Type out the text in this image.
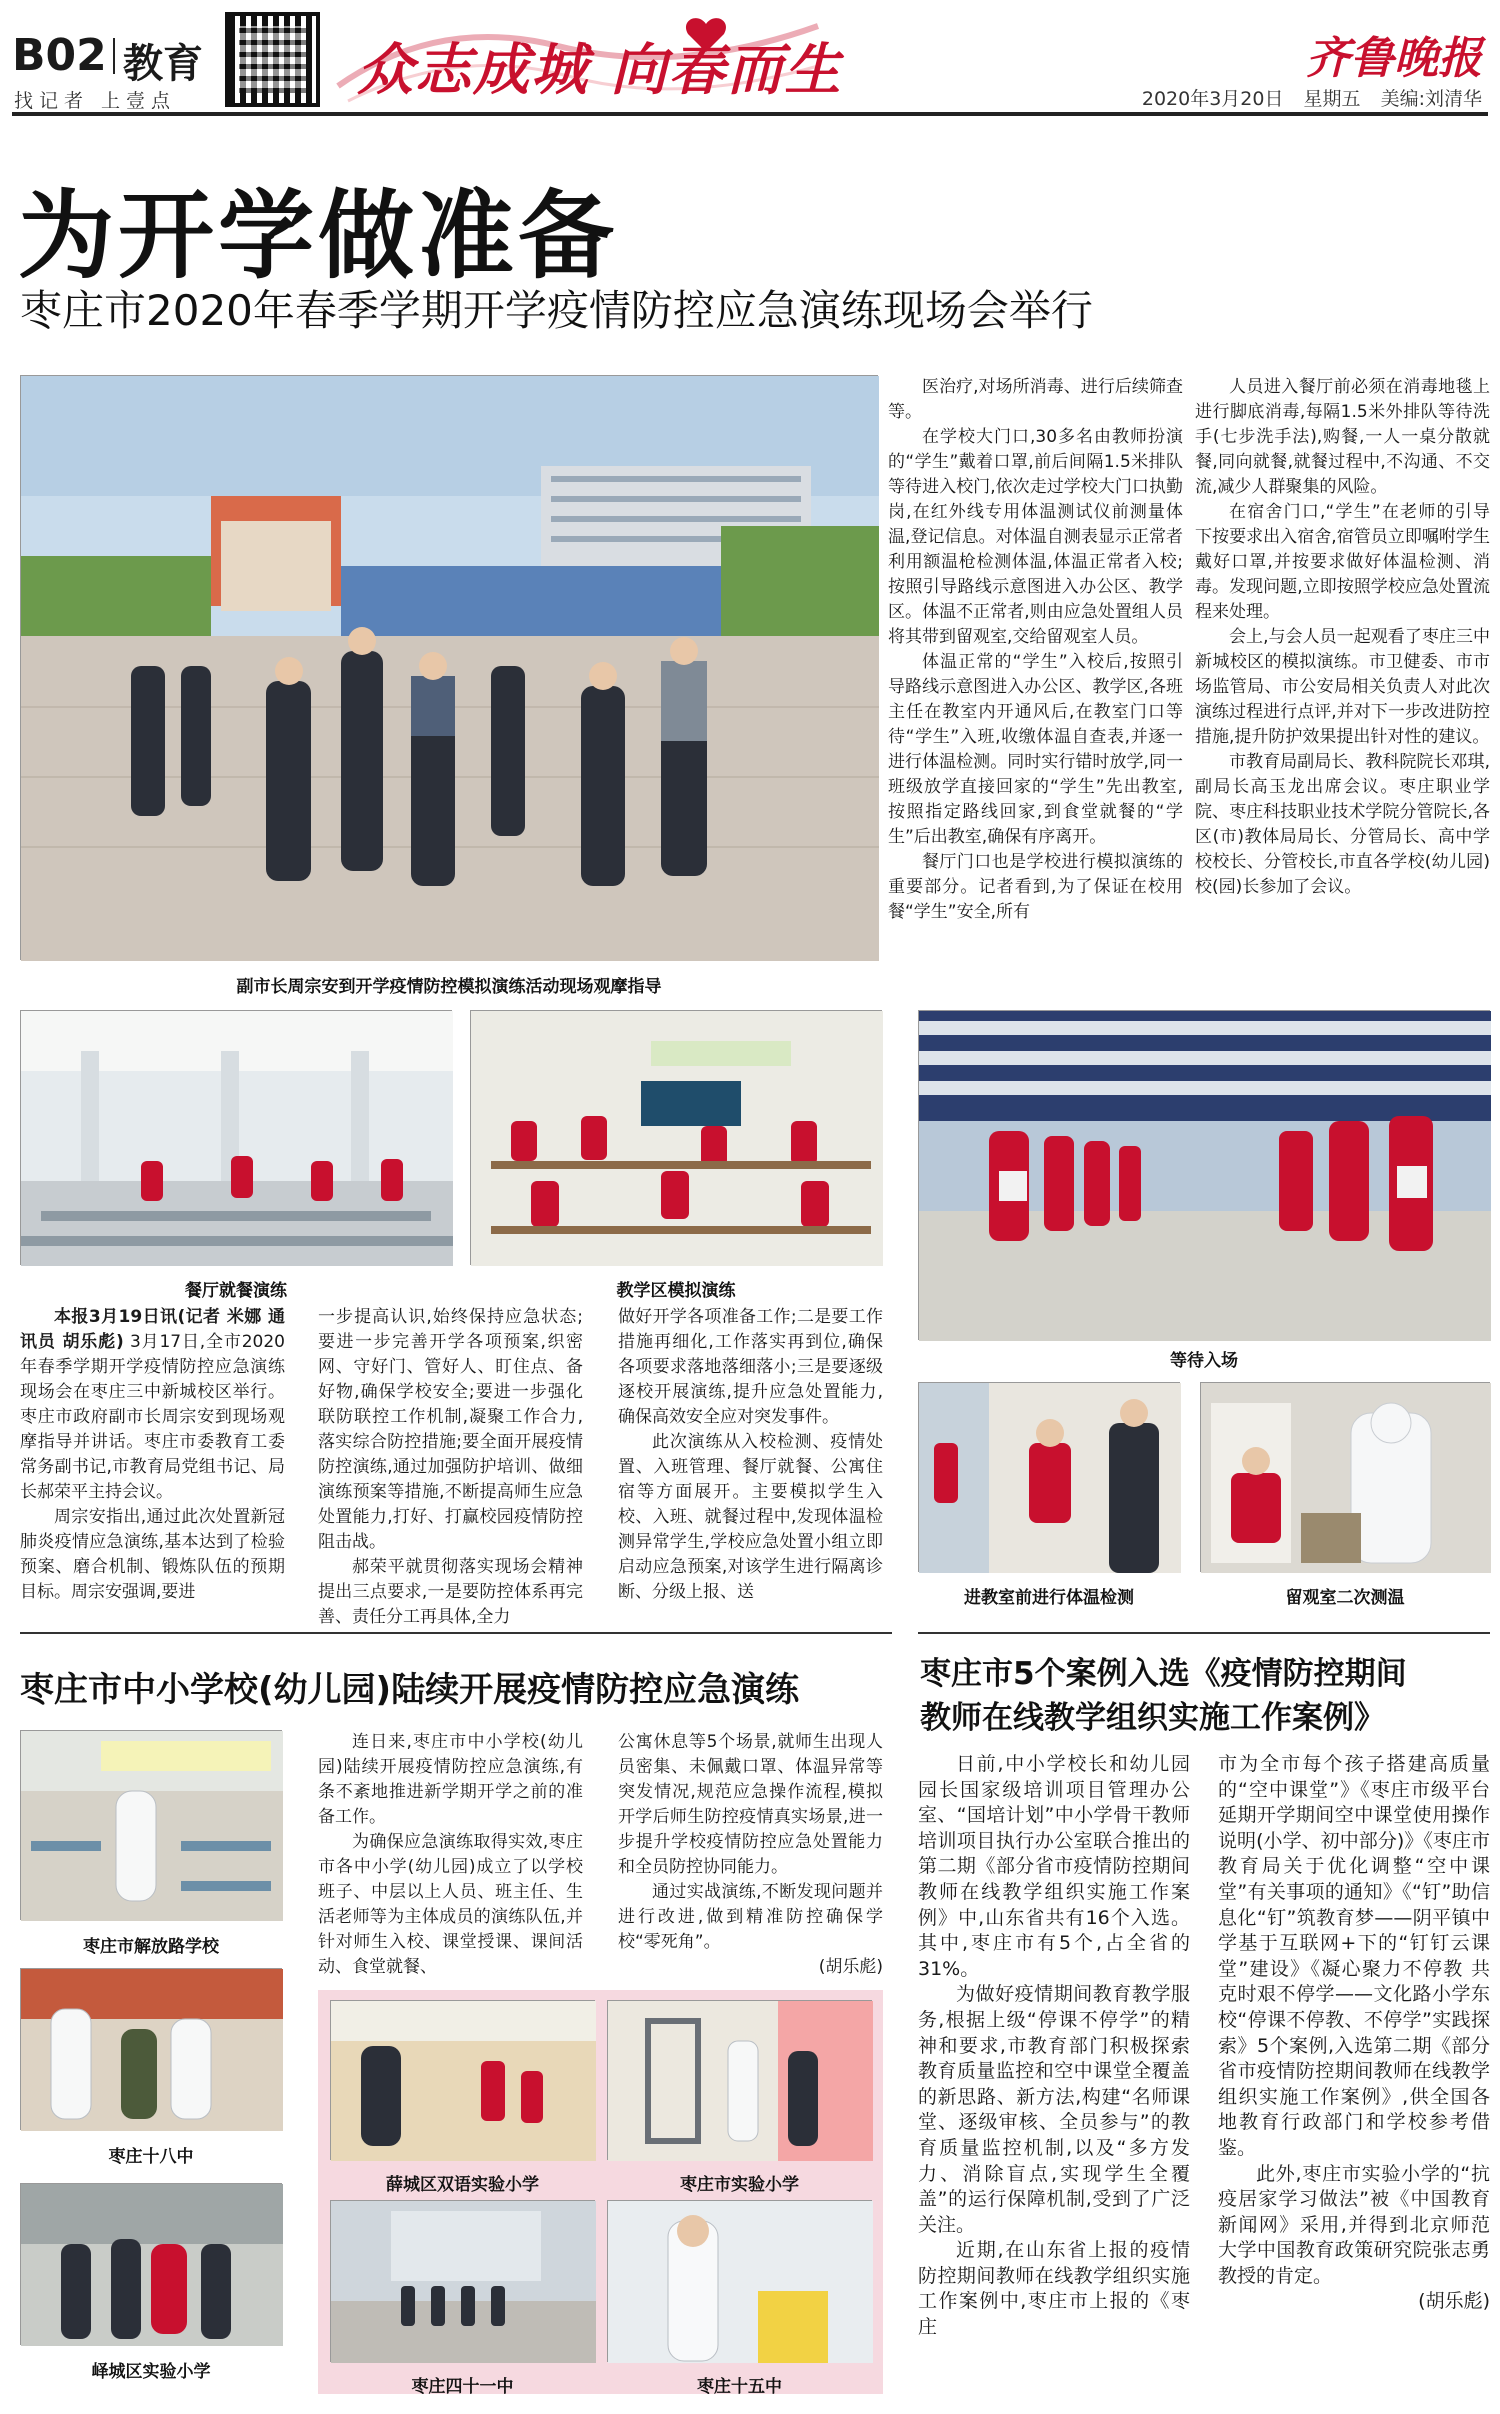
B02 教育
找记者 上壹点	众志成城 向春而生	齐鲁晚报
2020年3月20日 星期五 美编:刘清华
为开学做准备
枣庄市2020年春季学期开学疫情防控应急演练现场会举行
副市长周宗安到开学疫情防控模拟演练活动现场观摩指导

医治疗,对场所消毒、进行后续筛查等。

在学校大门口,30多名由教师扮演的“学生”戴着口罩,前后间隔1.5米排队等待进入校门,依次走过学校大门口执勤岗,在红外线专用体温测试仪前测量体温,登记信息。对体温自测表显示正常者利用额温枪检测体温,体温正常者入校;按照引导路线示意图进入办公区、教学区。体温不正常者,则由应急处置组人员将其带到留观室,交给留观室人员。

体温正常的“学生”入校后,按照引导路线示意图进入办公区、教学区,各班主任在教室内开通风后,在教室门口等待“学生”入班,收缴体温自查表,并逐一进行体温检测。同时实行错时放学,同一班级放学直接回家的“学生”先出教室,按照指定路线回家,到食堂就餐的“学生”后出教室,确保有序离开。

餐厅门口也是学校进行模拟演练的重要部分。记者看到,为了保证在校用餐“学生”安全,所有

人员进入餐厅前必须在消毒地毯上进行脚底消毒,每隔1.5米外排队等待洗手(七步洗手法),购餐,一人一桌分散就餐,同向就餐,就餐过程中,不沟通、不交流,减少人群聚集的风险。

在宿舍门口,“学生”在老师的引导下按要求出入宿舍,宿管员立即嘱咐学生戴好口罩,并按要求做好体温检测、消毒。发现问题,立即按照学校应急处置流程来处理。

会上,与会人员一起观看了枣庄三中新城校区的模拟演练。市卫健委、市市场监管局、市公安局相关负责人对此次演练过程进行点评,并对下一步改进防控措施,提升防护效果提出针对性的建议。

市教育局副局长、教科院院长邓琪,副局长高玉龙出席会议。枣庄职业学院、枣庄科技职业技术学院分管院长,各区(市)教体局局长、分管局长、高中学校校长、分管校长,市直各学校(幼儿园)校(园)长参加了会议。

餐厅就餐演练	教学区模拟演练
等待入场
进教室前进行体温检测	留观室二次测温

本报3月19日讯(记者 米娜 通讯员 胡乐彪) 3月17日,全市2020年春季学期开学疫情防控应急演练现场会在枣庄三中新城校区举行。枣庄市政府副市长周宗安到现场观摩指导并讲话。枣庄市委教育工委常务副书记,市教育局党组书记、局长郝荣平主持会议。

周宗安指出,通过此次处置新冠肺炎疫情应急演练,基本达到了检验预案、磨合机制、锻炼队伍的预期目标。周宗安强调,要进

一步提高认识,始终保持应急状态;要进一步完善开学各项预案,织密网、守好门、管好人、盯住点、备好物,确保学校安全;要进一步强化联防联控工作机制,凝聚工作合力,落实综合防控措施;要全面开展疫情防控演练,通过加强防护培训、做细演练预案等措施,不断提高师生应急处置能力,打好、打赢校园疫情防控阻击战。

郝荣平就贯彻落实现场会精神提出三点要求,一是要防控体系再完善、责任分工再具体,全力

做好开学各项准备工作;二是要工作措施再细化,工作落实再到位,确保各项要求落地落细落小;三是要逐级逐校开展演练,提升应急处置能力,确保高效安全应对突发事件。

此次演练从入校检测、疫情处置、入班管理、餐厅就餐、公寓住宿等方面展开。主要模拟学生入校、入班、就餐过程中,发现体温检测异常学生,学校应急处置小组立即启动应急预案,对该学生进行隔离诊断、分级上报、送

枣庄市中小学校(幼儿园)陆续开展疫情防控应急演练
枣庄市解放路学校
枣庄十八中
峄城区实验小学

连日来,枣庄市中小学校(幼儿园)陆续开展疫情防控应急演练,有条不紊地推进新学期开学之前的准备工作。

为确保应急演练取得实效,枣庄市各中小学(幼儿园)成立了以学校班子、中层以上人员、班主任、生活老师等为主体成员的演练队伍,并针对师生入校、课堂授课、课间活动、食堂就餐、

公寓休息等5个场景,就师生出现人员密集、未佩戴口罩、体温异常等突发情况,规范应急操作流程,模拟开学后师生防控疫情真实场景,进一步提升学校疫情防控应急处置能力和全员防控协同能力。

通过实战演练,不断发现问题并进行改进,做到精准防控确保学校“零死角”。

(胡乐彪)
薛城区双语实验小学	枣庄市实验小学
枣庄四十一中	枣庄十五中
枣庄市5个案例入选《疫情防控期间
教师在线教学组织实施工作案例》

日前,中小学校长和幼儿园园长国家级培训项目管理办公室、“国培计划”中小学骨干教师培训项目执行办公室联合推出的第二期《部分省市疫情防控期间教师在线教学组织实施工作案例》中,山东省共有16个入选。其中,枣庄市有5个,占全省的31%。

为做好疫情期间教育教学服务,根据上级“停课不停学”的精神和要求,市教育部门积极探索教育质量监控和空中课堂全覆盖的新思路、新方法,构建“名师课堂、逐级审核、全员参与”的教育质量监控机制,以及“多方发力、消除盲点,实现学生全覆盖”的运行保障机制,受到了广泛关注。

近期,在山东省上报的疫情防控期间教师在线教学组织实施工作案例中,枣庄市上报的《枣庄

市为全市每个孩子搭建高质量的“空中课堂”》《枣庄市级平台延期开学期间空中课堂使用操作说明(小学、初中部分)》《枣庄市教育局关于优化调整“空中课堂”有关事项的通知》《“钉”助信息化“钉”筑教育梦——阴平镇中学基于互联网+下的“钉钉云课堂”建设》《凝心聚力不停教 共克时艰不停学——文化路小学东校“停课不停教、不停学”实践探索》5个案例,入选第二期《部分省市疫情防控期间教师在线教学组织实施工作案例》,供全国各地教育行政部门和学校参考借鉴。

此外,枣庄市实验小学的“抗疫居家学习做法”被《中国教育新闻网》采用,并得到北京师范大学中国教育政策研究院张志勇教授的肯定。

(胡乐彪)
